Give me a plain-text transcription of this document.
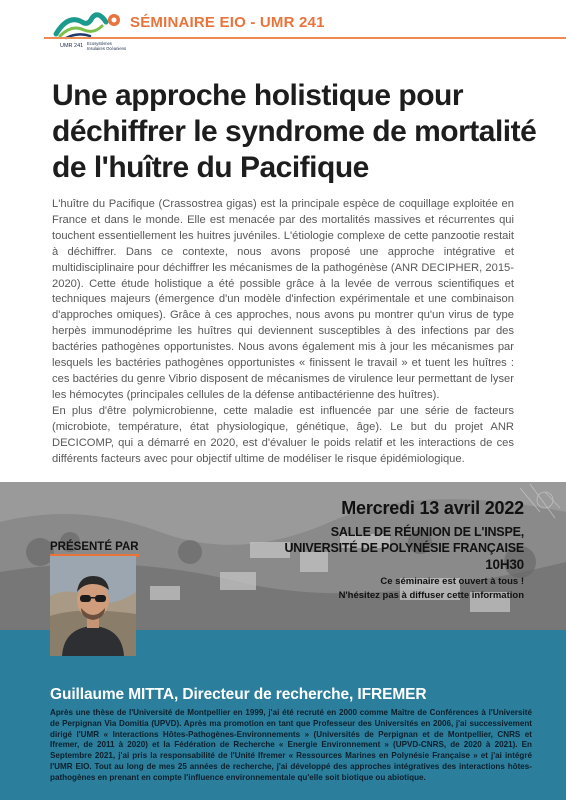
UMR 241 Ecosystèmes Insulaires Océaniens
SÉMINAIRE EIO - UMR 241
Une approche holistique pour déchiffrer le syndrome de mortalité de l'huître du Pacifique

L'huître du Pacifique (Crassostrea gigas) est la principale espèce de coquillage exploitée en France et dans le monde. Elle est menacée par des mortalités massives et récurrentes qui touchent essentiellement les huitres juvéniles. L'étiologie complexe de cette panzootie restait à déchiffrer. Dans ce contexte, nous avons proposé une approche intégrative et multidisciplinaire pour déchiffrer les mécanismes de la pathogénèse (ANR DECIPHER, 2015-2020). Cette étude holistique a été possible grâce à la levée de verrous scientifiques et techniques majeurs (émergence d'un modèle d'infection expérimentale et une combinaison d'approches omiques). Grâce à ces approches, nous avons pu montrer qu'un virus de type herpès immunodéprime les huîtres qui deviennent susceptibles à des infections par des bactéries pathogènes opportunistes. Nous avons également mis à jour les mécanismes par lesquels les bactéries pathogènes opportunistes « finissent le travail » et tuent les huîtres : ces bactéries du genre Vibrio disposent de mécanismes de virulence leur permettant de lyser les hémocytes (principales cellules de la défense antibactérienne des huîtres).

En plus d'être polymicrobienne, cette maladie est influencée par une série de facteurs (microbiote, température, état physiologique, génétique, âge). Le but du projet ANR DECICOMP, qui a démarré en 2020, est d'évaluer le poids relatif et les interactions de ces différents facteurs avec pour objectif ultime de modéliser le risque épidémiologique.

Mercredi 13 avril 2022
SALLE DE RÉUNION DE L'INSPE,
UNIVERSITÉ DE POLYNÉSIE FRANÇAISE
10H30
Ce séminaire est ouvert à tous !
N'hésitez pas à diffuser cette information
PRÉSENTÉ PAR
Guillaume MITTA, Directeur de recherche, IFREMER

Après une thèse de l'Université de Montpellier en 1999, j'ai été recruté en 2000 comme Maître de Conférences à l'Université de Perpignan Via Domitia (UPVD). Après ma promotion en tant que Professeur des Universités en 2006, j'ai successivement dirigé l'UMR « Interactions Hôtes-Pathogènes-Environnements » (Universités de Perpignan et de Montpellier, CNRS et Ifremer, de 2011 à 2020) et la Fédération de Recherche « Energie Environnement » (UPVD-CNRS, de 2020 à 2021). En Septembre 2021, j'ai pris la responsabilité de l'Unité Ifremer « Ressources Marines en Polynésie Française » et j'ai intégré l'UMR EIO. Tout au long de mes 25 années de recherche, j'ai développé des approches intégratives des interactions hôtes-pathogènes en prenant en compte l'influence environnementale qu'elle soit biotique ou abiotique.
